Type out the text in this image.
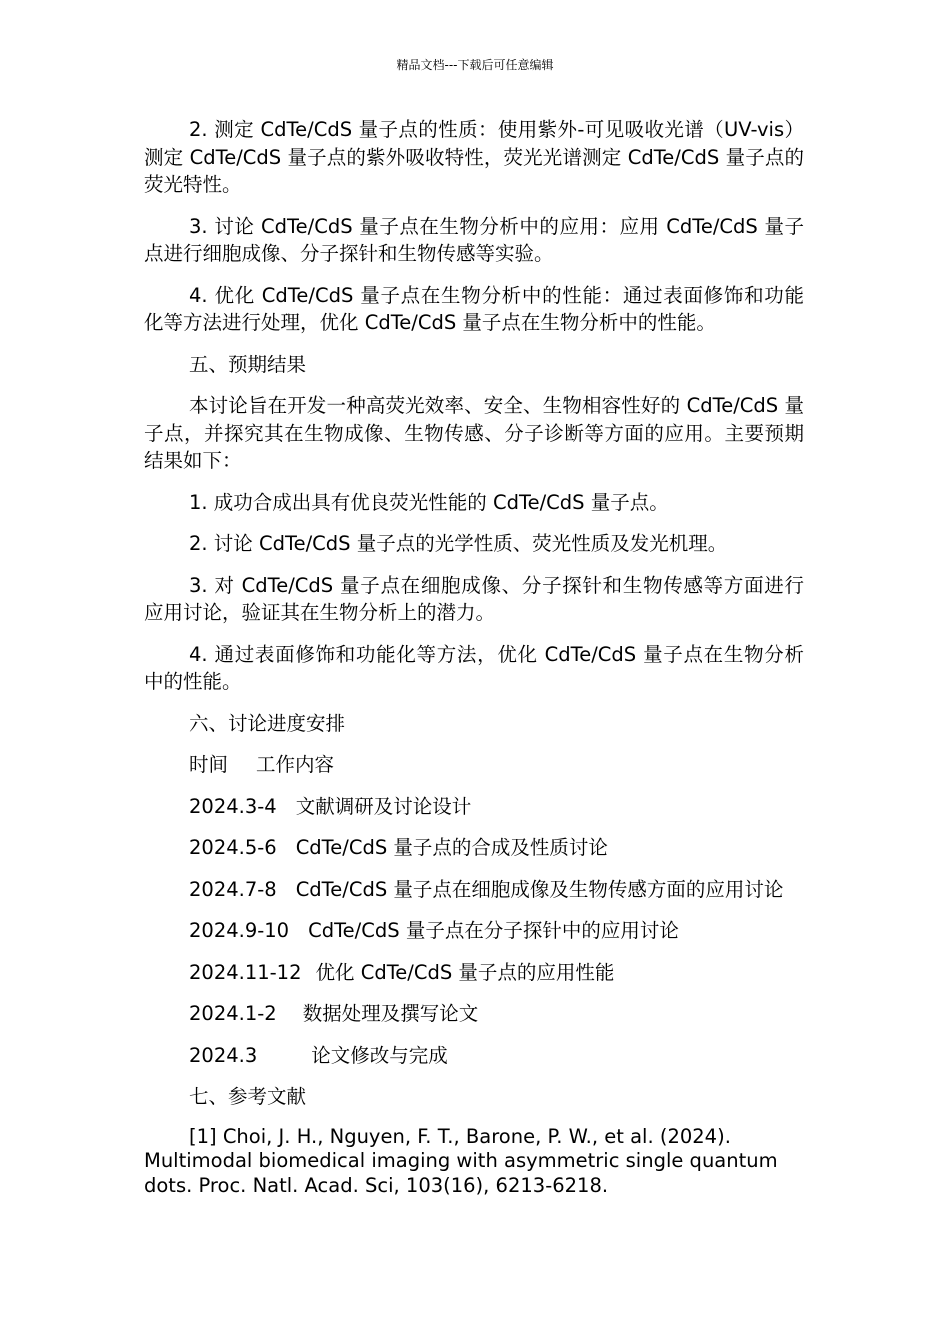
精品文档---下载后可任意编辑

2. 测定 CdTe/CdS 量子点的性质：使用紫外-可见吸收光谱（UV-vis）测定 CdTe/CdS 量子点的紫外吸收特性，荧光光谱测定 CdTe/CdS 量子点的荧光特性。

3. 讨论 CdTe/CdS 量子点在生物分析中的应用：应用 CdTe/CdS 量子点进行细胞成像、分子探针和生物传感等实验。

4. 优化 CdTe/CdS 量子点在生物分析中的性能：通过表面修饰和功能化等方法进行处理，优化 CdTe/CdS 量子点在生物分析中的性能。

五、预期结果

本讨论旨在开发一种高荧光效率、安全、生物相容性好的 CdTe/CdS 量子点，并探究其在生物成像、生物传感、分子诊断等方面的应用。主要预期结果如下：

1. 成功合成出具有优良荧光性能的 CdTe/CdS 量子点。

2. 讨论 CdTe/CdS 量子点的光学性质、荧光性质及发光机理。

3. 对 CdTe/CdS 量子点在细胞成像、分子探针和生物传感等方面进行应用讨论，验证其在生物分析上的潜力。

4. 通过表面修饰和功能化等方法，优化 CdTe/CdS 量子点在生物分析中的性能。

六、讨论进度安排

时间 工作内容

2024.3-4 文献调研及讨论设计

2024.5-6 CdTe/CdS 量子点的合成及性质讨论

2024.7-8 CdTe/CdS 量子点在细胞成像及生物传感方面的应用讨论

2024.9-10 CdTe/CdS 量子点在分子探针中的应用讨论

2024.11-12 优化 CdTe/CdS 量子点的应用性能

2024.1-2 数据处理及撰写论文

2024.3	论文修改与完成

七、参考文献

[1] Choi, J. H., Nguyen, F. T., Barone, P. W., et al. (2024). Multimodal biomedical imaging with asymmetric single quantum dots. Proc. Natl. Acad. Sci, 103(16), 6213-6218.
